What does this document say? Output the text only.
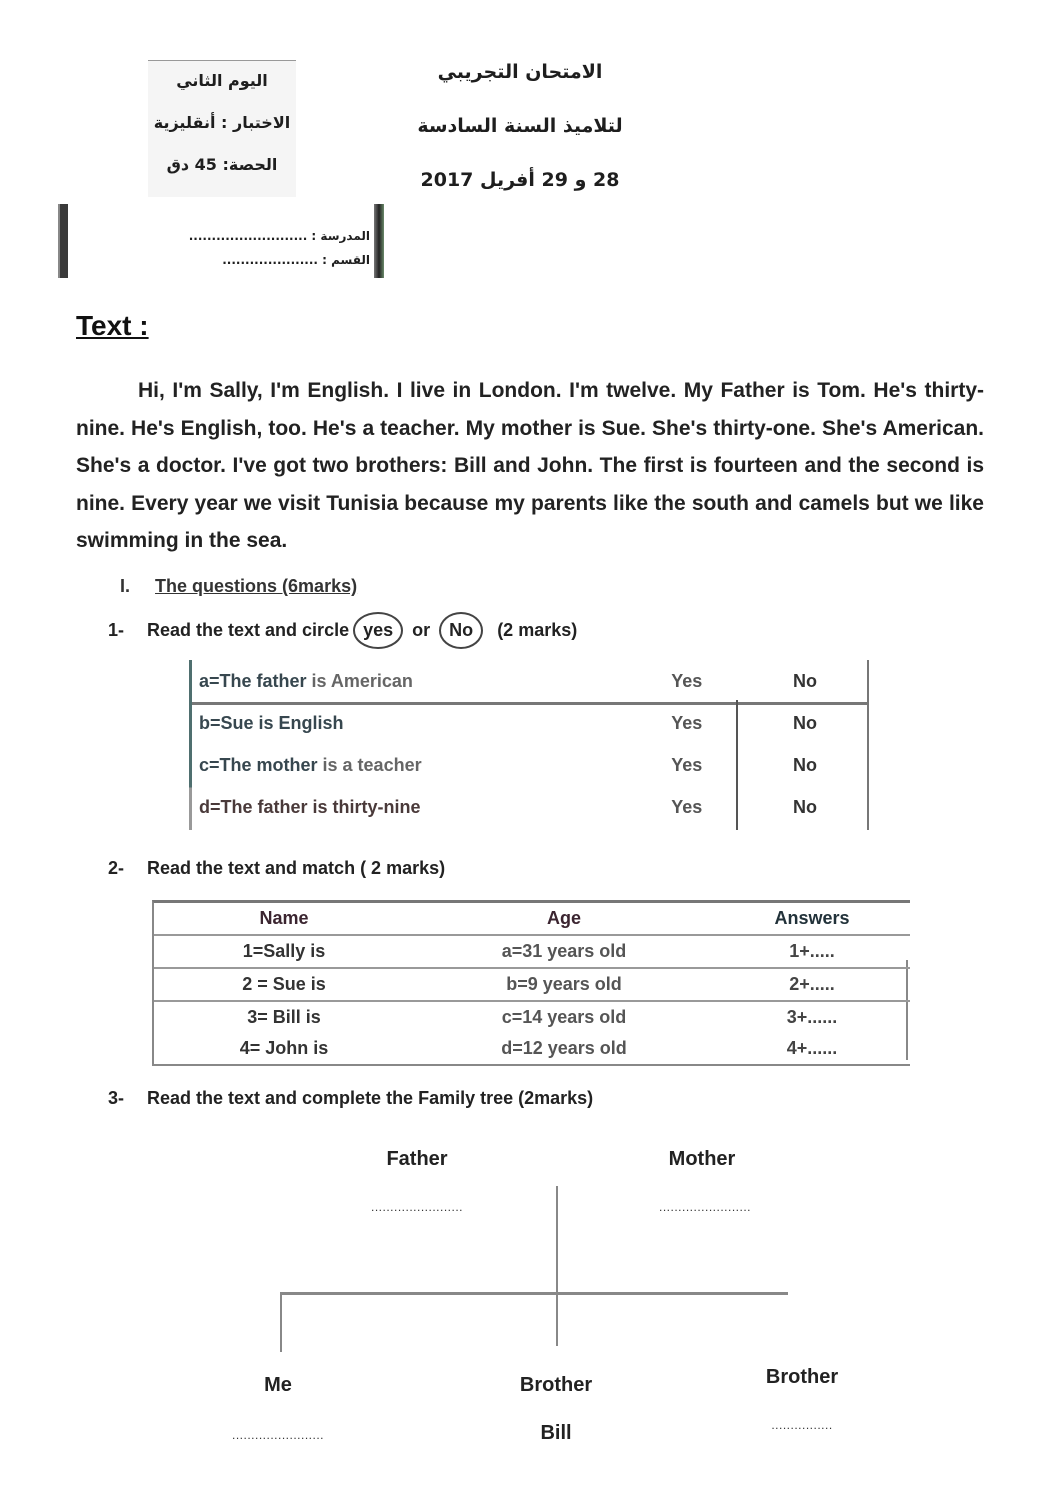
الامتحان التجريبي
لتلاميذ السنة السادسة
28 و 29 أفريل 2017
اليوم الثاني
الاختبار : أنقليزية
الحصة: 45 دق
المدرسة : ..........................
القسم : .....................
Text :
Hi, I'm Sally, I'm English. I live in London. I'm twelve. My Father is Tom. He's thirty-nine. He's English, too. He's a teacher. My mother is Sue. She's thirty-one. She's American. She's a doctor. I've got two brothers: Bill and John. The first is fourteen and the second is nine. Every year we visit Tunisia because my parents like the south and camels but we like swimming in the sea.
I. The questions (6marks)
1- Read the text and circle yes or No (2 marks)
a=The father is American	Yes	No
b=Sue is English	Yes	No
c=The mother is a teacher	Yes	No
d=The father is thirty-nine	Yes	No
2- Read the text and match ( 2 marks)
Name	Age	Answers
1=Sally is	a=31 years old	1+.....
2 = Sue is	b=9 years old	2+.....
3= Bill is	c=14 years old	3+......
4= John is	d=12 years old	4+......
3- Read the text and complete the Family tree (2marks)
Father
........................
Mother
........................
Me
........................
Brother
Bill
Brother
................
